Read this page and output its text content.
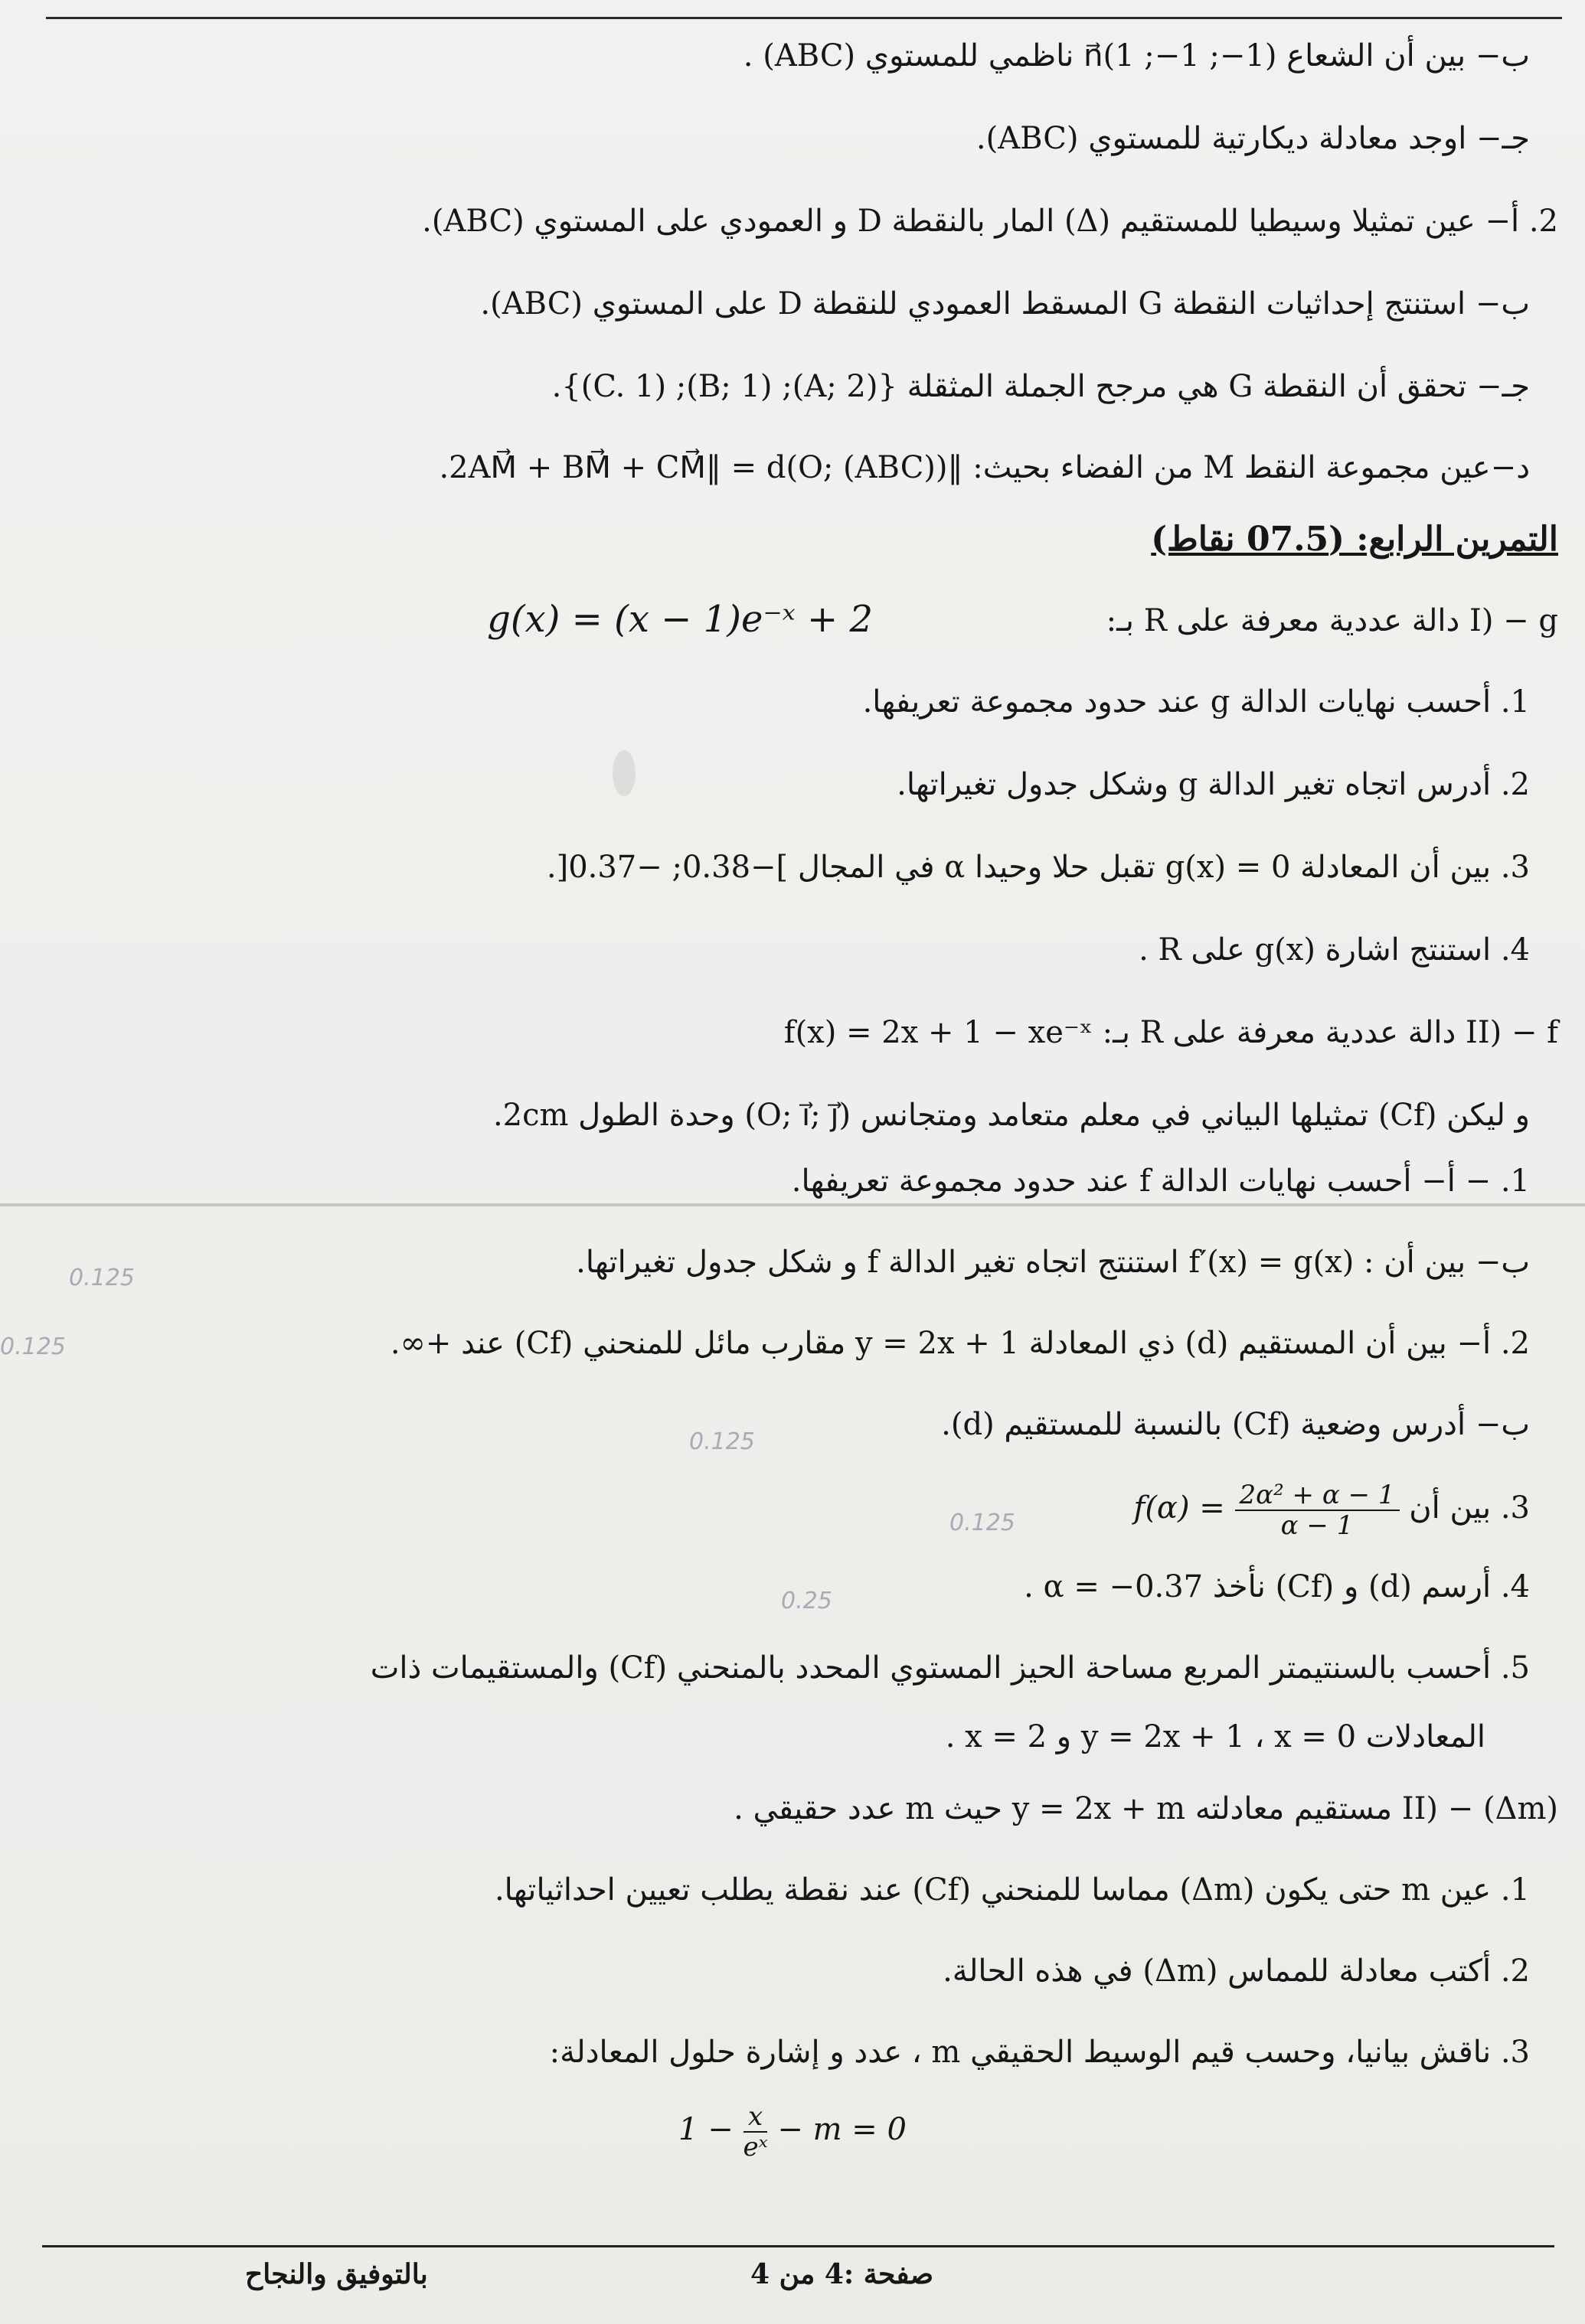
ب− بين أن الشعاع (1−; 1−; 1)n⃗ ناظمي للمستوي (ABC) .
جـ− اوجد معادلة ديكارتية للمستوي (ABC).
2. أ− عين تمثيلا وسيطيا للمستقيم (Δ) المار بالنقطة D و العمودي على المستوي (ABC).
ب− استنتج إحداثيات النقطة G المسقط العمودي للنقطة D على المستوي (ABC).
جـ− تحقق أن النقطة G هي مرجح الجملة المثقلة {(A; 2); (B; 1); (C. 1)}.
د−عين مجموعة النقط M من الفضاء بحيث: ‖2AM⃗ + BM⃗ + CM⃗‖ = d(O; (ABC)).
التمرين الرابع: (07.5 نقاط)
I) − g دالة عددية معرفة على R بـ:
g(x) = (x − 1)e⁻ˣ + 2
1. أحسب نهايات الدالة g عند حدود مجموعة تعريفها.
2. أدرس اتجاه تغير الدالة g وشكل جدول تغيراتها.
3. بين أن المعادلة g(x) = 0 تقبل حلا وحيدا α في المجال ]−0.38; −0.37[.
4. استنتج اشارة g(x) على R .
II) − f دالة عددية معرفة على R بـ: f(x) = 2x + 1 − xe⁻ˣ
و ليكن (Cf) تمثيلها البياني في معلم متعامد ومتجانس (O; i⃗; j⃗) وحدة الطول 2cm.
1. − أ− أحسب نهايات الدالة f عند حدود مجموعة تعريفها.
ب− بين أن : f′(x) = g(x) استنتج اتجاه تغير الدالة f و شكل جدول تغيراتها.
2. أ− بين أن المستقيم (d) ذي المعادلة y = 2x + 1 مقارب مائل للمنحني (Cf) عند +∞.
ب− أدرس وضعية (Cf) بالنسبة للمستقيم (d).
3. بين أن $f(\alpha) = \frac{\text{2α² + α − 1}}{\alpha - 1}$
4. أرسم (d) و (Cf) نأخذ α = −0.37 .
5. أحسب بالسنتيمتر المربع مساحة الحيز المستوي المحدد بالمنحني (Cf) والمستقيمات ذات
المعادلات y = 2x + 1 ، x = 0 و x = 2 .
II) − (Δm) مستقيم معادلته y = 2x + m حيث m عدد حقيقي .
1. عين m حتى يكون (Δm) مماسا للمنحني (Cf) عند نقطة يطلب تعيين احداثياتها.
2. أكتب معادلة للمماس (Δm) في هذه الحالة.
3. ناقش بيانيا، وحسب قيم الوسيط الحقيقي m ، عدد و إشارة حلول المعادلة:
$1 - \frac{x}{\text{eˣ}} - m = 0$
0.125
0.125
0.125
0.125
0.25
صفحة :4 من 4
بالتوفيق والنجاح
